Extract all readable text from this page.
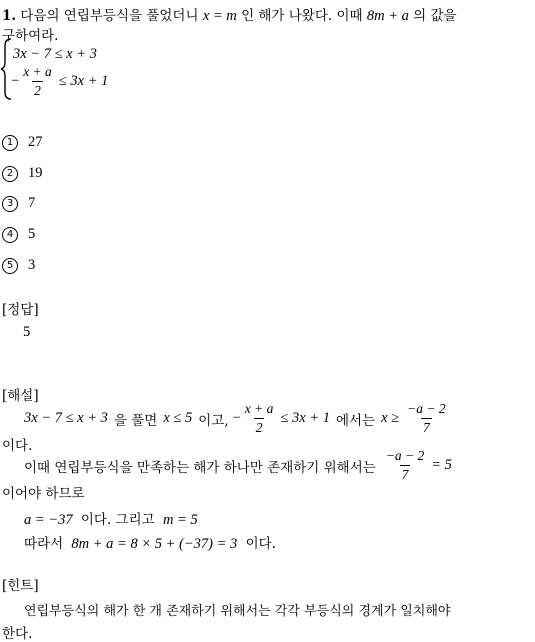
1. 다음의 연립부등식을 풀었더니 x = m 인 해가 나왔다. 이때 8m + a 의 값을
구하여라.
3x − 7 ≤ x + 3
− $\frac{x + a}{2} \le 3x + 1$
1 27
2 19
3 7
4 5
5 3
[정답]
5
[해설]
3x − 7 ≤ x + 3 을 풀면 x ≤ 5 이고, − $\frac{x + a}{2} \le 3x + 1$ 에서는 $x \ge \frac{-a - 2}{7}$
이다.
이때 연립부등식을 만족하는 해가 하나만 존재하기 위해서는 $\frac{-a - 2}{7} = 5$
이어야 하므로
a = −37 이다. 그리고 m = 5
따라서 8m + a = 8 × 5 + (−37) = 3 이다.
[힌트]
연립부등식의 해가 한 개 존재하기 위해서는 각각 부등식의 경계가 일치해야
한다.
